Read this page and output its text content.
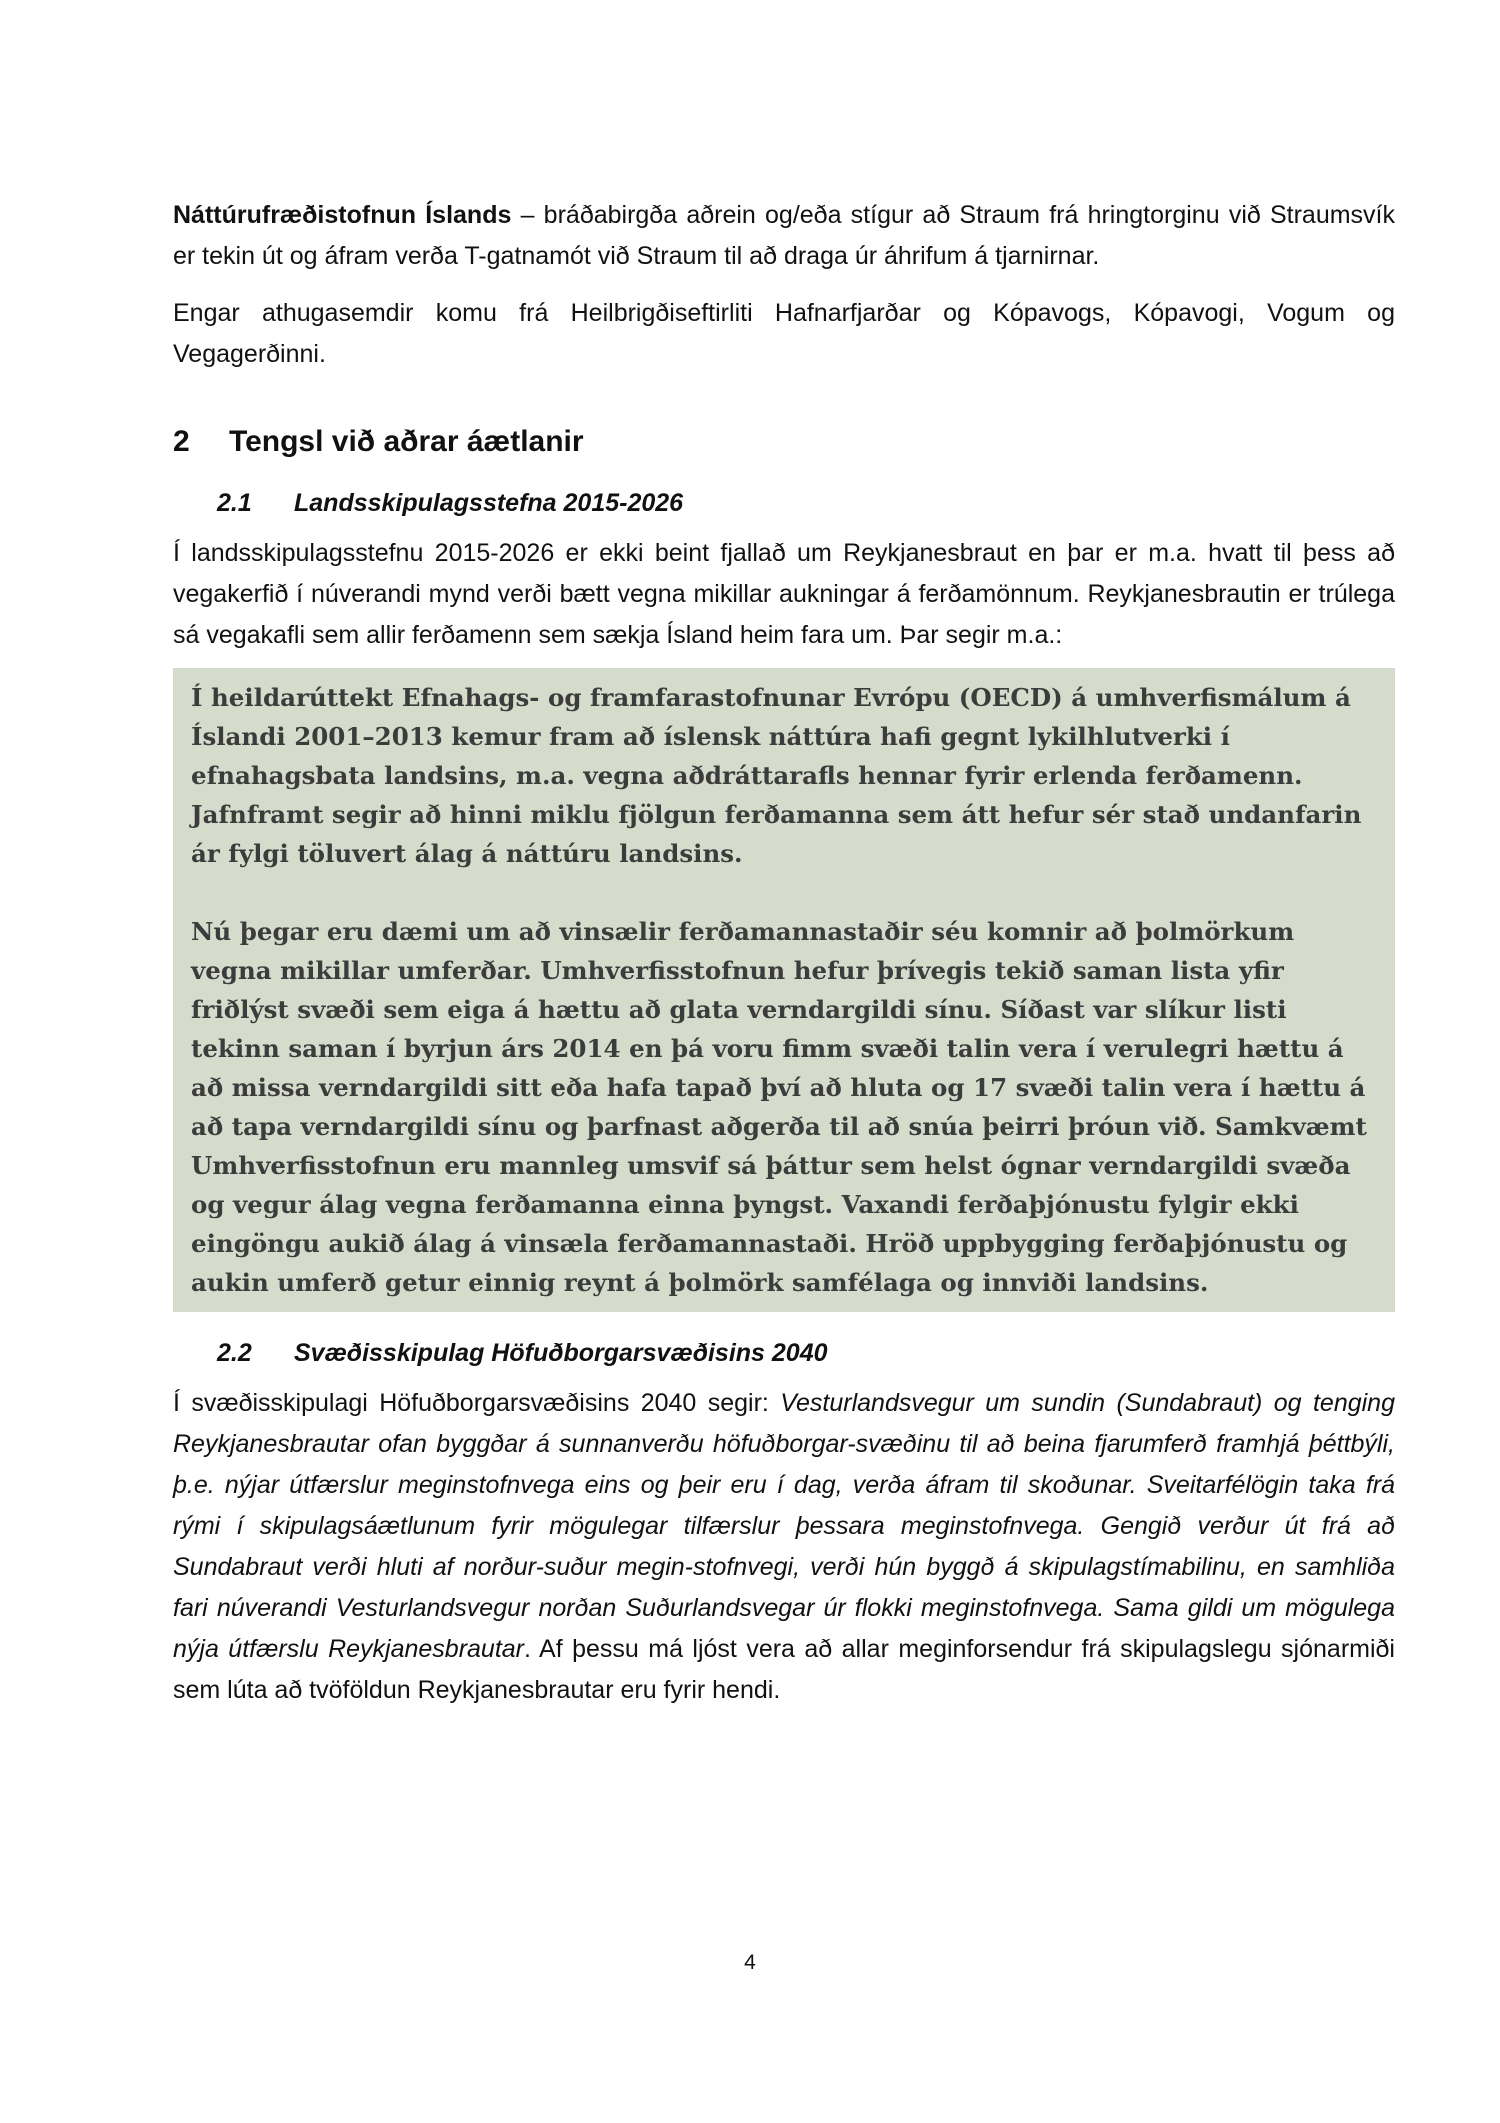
Náttúrufræðistofnun Íslands – bráðabirgða aðrein og/eða stígur að Straum frá hringtorginu við Straumsvík er tekin út og áfram verða T-gatnamót við Straum til að draga úr áhrifum á tjarnirnar.

Engar athugasemdir komu frá Heilbrigðiseftirliti Hafnarfjarðar og Kópavogs, Kópavogi, Vogum og Vegagerðinni.

2	Tengsl við aðrar áætlanir
2.1	Landsskipulagsstefna 2015-2026

Í landsskipulagsstefnu 2015-2026 er ekki beint fjallað um Reykjanesbraut en þar er m.a. hvatt til þess að vegakerfið í núverandi mynd verði bætt vegna mikillar aukningar á ferðamönnum. Reykjanesbrautin er trúlega sá vegakafli sem allir ferðamenn sem sækja Ísland heim fara um. Þar segir m.a.:

Í heildarúttekt Efnahags- og framfarastofnunar Evrópu (OECD) á umhverfismálum á Íslandi 2001–2013 kemur fram að íslensk náttúra hafi gegnt lykilhlutverki í efnahagsbata landsins, m.a. vegna aðdráttarafls hennar fyrir erlenda ferðamenn. Jafnframt segir að hinni miklu fjölgun ferðamanna sem átt hefur sér stað undanfarin ár fylgi töluvert álag á náttúru landsins.

Nú þegar eru dæmi um að vinsælir ferðamannastaðir séu komnir að þolmörkum vegna mikillar umferðar. Umhverfisstofnun hefur þrívegis tekið saman lista yfir friðlýst svæði sem eiga á hættu að glata verndargildi sínu. Síðast var slíkur listi tekinn saman í byrjun árs 2014 en þá voru fimm svæði talin vera í verulegri hættu á að missa verndargildi sitt eða hafa tapað því að hluta og 17 svæði talin vera í hættu á að tapa verndargildi sínu og þarfnast aðgerða til að snúa þeirri þróun við. Samkvæmt Umhverfisstofnun eru mannleg umsvif sá þáttur sem helst ógnar verndargildi svæða og vegur álag vegna ferðamanna einna þyngst. Vaxandi ferðaþjónustu fylgir ekki eingöngu aukið álag á vinsæla ferðamannastaði. Hröð uppbygging ferðaþjónustu og aukin umferð getur einnig reynt á þolmörk samfélaga og innviði landsins.

2.2	Svæðisskipulag Höfuðborgarsvæðisins 2040

Í svæðisskipulagi Höfuðborgarsvæðisins 2040 segir: Vesturlandsvegur um sundin (Sundabraut) og tenging Reykjanesbrautar ofan byggðar á sunnanverðu höfuðborgar-svæðinu til að beina fjarumferð framhjá þéttbýli, þ.e. nýjar útfærslur meginstofnvega eins og þeir eru í dag, verða áfram til skoðunar. Sveitarfélögin taka frá rými í skipulagsáætlunum fyrir mögulegar tilfærslur þessara meginstofnvega. Gengið verður út frá að Sundabraut verði hluti af norður-suður megin-stofnvegi, verði hún byggð á skipulagstímabilinu, en samhliða fari núverandi Vesturlandsvegur norðan Suðurlandsvegar úr flokki meginstofnvega. Sama gildi um mögulega nýja útfærslu Reykjanesbrautar. Af þessu má ljóst vera að allar meginforsendur frá skipulagslegu sjónarmiði sem lúta að tvöföldun Reykjanesbrautar eru fyrir hendi.

4
